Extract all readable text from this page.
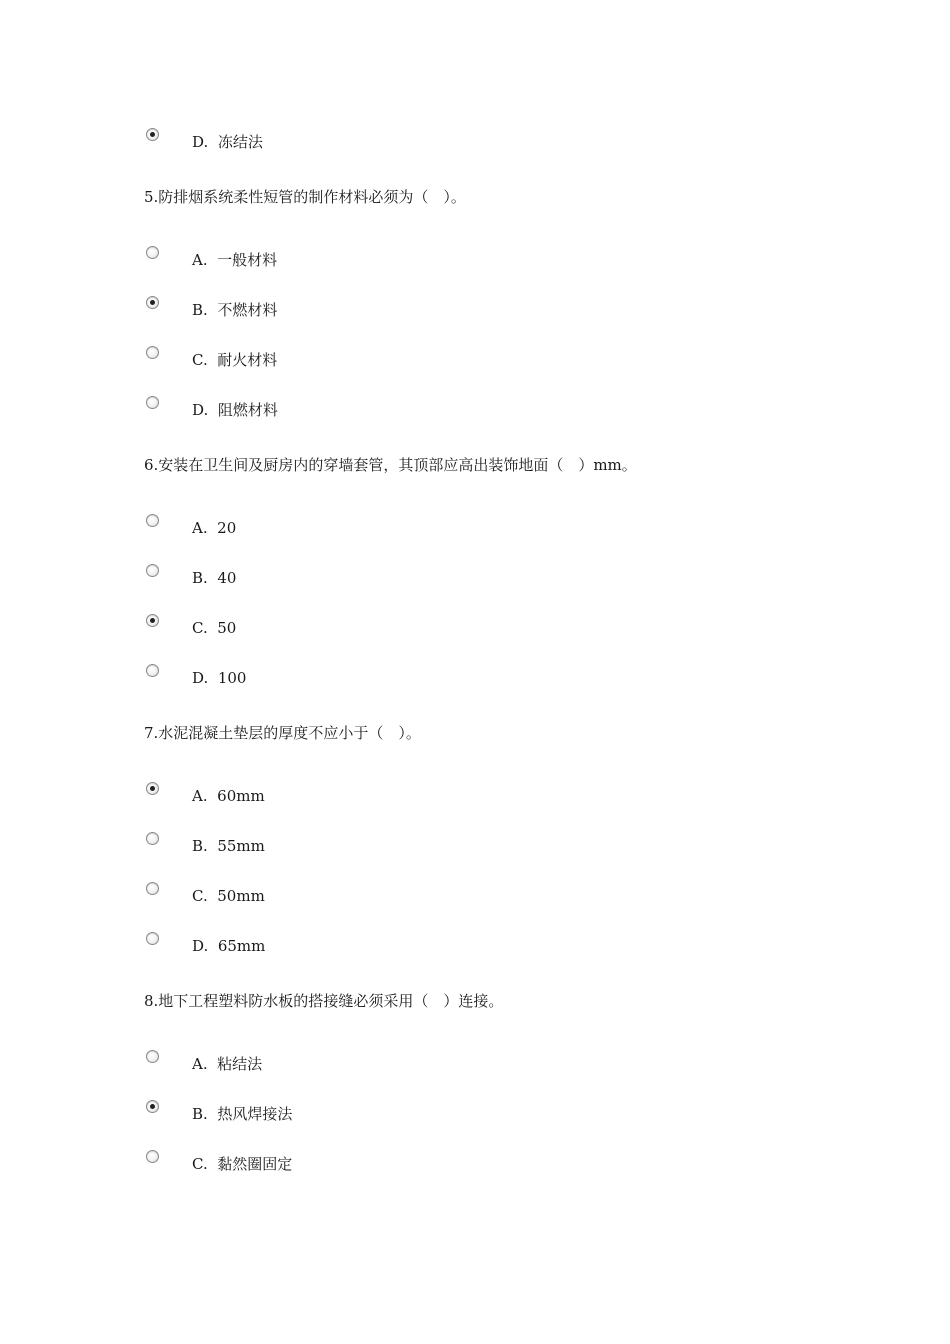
D. 冻结法
5.防排烟系统柔性短管的制作材料必须为（　）。
A. 一般材料
B. 不燃材料
C. 耐火材料
D. 阻燃材料
6.安装在卫生间及厨房内的穿墙套管，其顶部应高出装饰地面（　）mm。
A. 20
B. 40
C. 50
D. 100
7.水泥混凝土垫层的厚度不应小于（　）。
A. 60mm
B. 55mm
C. 50mm
D. 65mm
8.地下工程塑料防水板的搭接缝必须采用（　）连接。
A. 粘结法
B. 热风焊接法
C. 黏然圈固定
